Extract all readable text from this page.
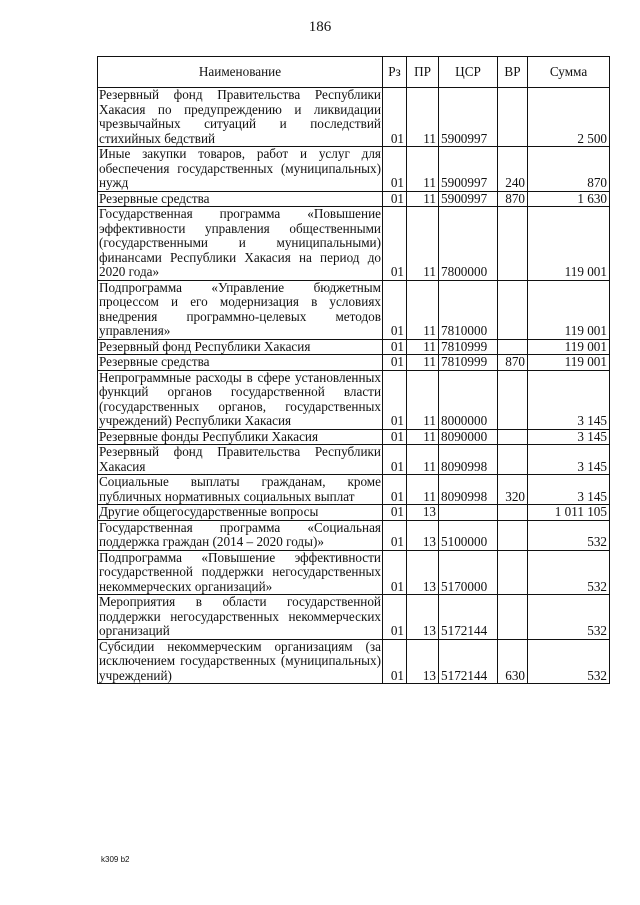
186
Наименование	Рз	ПР	ЦСР	ВР	Сумма
Резервный фонд Правительства Республики Хакасия по предупреждению и ликвидации чрезвычайных ситуаций и последствий стихийных бедствий	01	11	5900997		2 500
Иные закупки товаров, работ и услуг для обеспечения государственных (муниципальных) нужд	01	11	5900997	240	870
Резервные средства	01	11	5900997	870	1 630
Государственная программа «Повышение эффективности управления общественными (государственными и муниципальными) финансами Республики Хакасия на период до 2020 года»	01	11	7800000		119 001
Подпрограмма «Управление бюджетным процессом и его модернизация в условиях внедрения программно-целевых методов управления»	01	11	7810000		119 001
Резервный фонд Республики Хакасия	01	11	7810999		119 001
Резервные средства	01	11	7810999	870	119 001
Непрограммные расходы в сфере установленных функций органов государственной власти (государственных органов, государственных учреждений) Республики Хакасия	01	11	8000000		3 145
Резервные фонды Республики Хакасия	01	11	8090000		3 145
Резервный фонд Правительства Республики Хакасия	01	11	8090998		3 145
Социальные выплаты гражданам, кроме публичных нормативных социальных выплат	01	11	8090998	320	3 145
Другие общегосударственные вопросы	01	13			1 011 105
Государственная программа «Социальная поддержка граждан (2014 – 2020 годы)»	01	13	5100000		532
Подпрограмма «Повышение эффективности государственной поддержки негосударственных некоммерческих организаций»	01	13	5170000		532
Мероприятия в области государственной поддержки негосударственных некоммерческих организаций	01	13	5172144		532
Субсидии некоммерческим организациям (за исключением государственных (муниципальных) учреждений)	01	13	5172144	630	532
k309 b2
